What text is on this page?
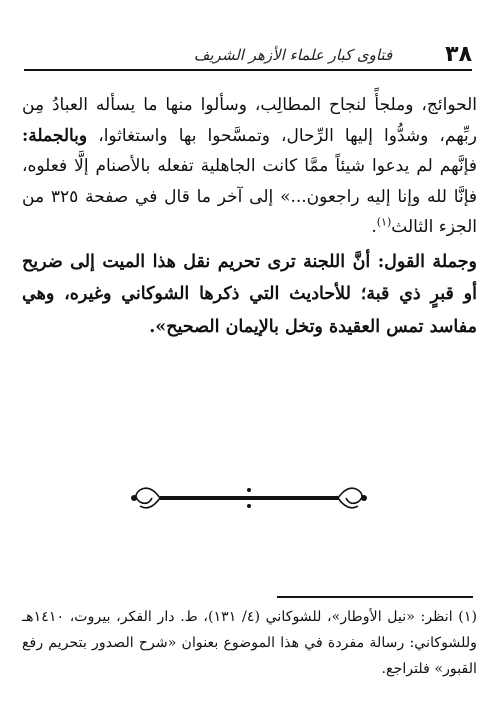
٣٨
فتاوى كبار علماء الأزهر الشريف

الحوائج، وملجأً لنجاح المطالِب، وسألوا منها ما يسأله العبادُ مِن ربِّهم، وشدُّوا إليها الرِّحال، وتمسَّحوا بها واستغاثوا، وبالجملة: فإنَّهم لم يدعوا شيئاً ممَّا كانت الجاهلية تفعله بالأصنام إلَّا فعلوه، فإنَّا لله وإنا إليه راجعون...» إلى آخر ما قال في صفحة ٣٢٥ من الجزء الثالث$^{(١)}$.

وجملة القول: أنَّ اللجنة ترى تحريم نقل هذا الميت إلى ضريح أو قبرٍ ذي قبة؛ للأحاديث التي ذكرها الشوكاني وغيره، وهي مفاسد تمس العقيدة وتخل بالإيمان الصحيح».

(١) انظر: «نيل الأوطار»، للشوكاني (٤/ ١٣١)، ط. دار الفكر، بيروت، ١٤١٠هـ وللشوكاني: رسالة مفردة في هذا الموضوع بعنوان «شرح الصدور بتحريم رفع القبور» فلتراجع.
